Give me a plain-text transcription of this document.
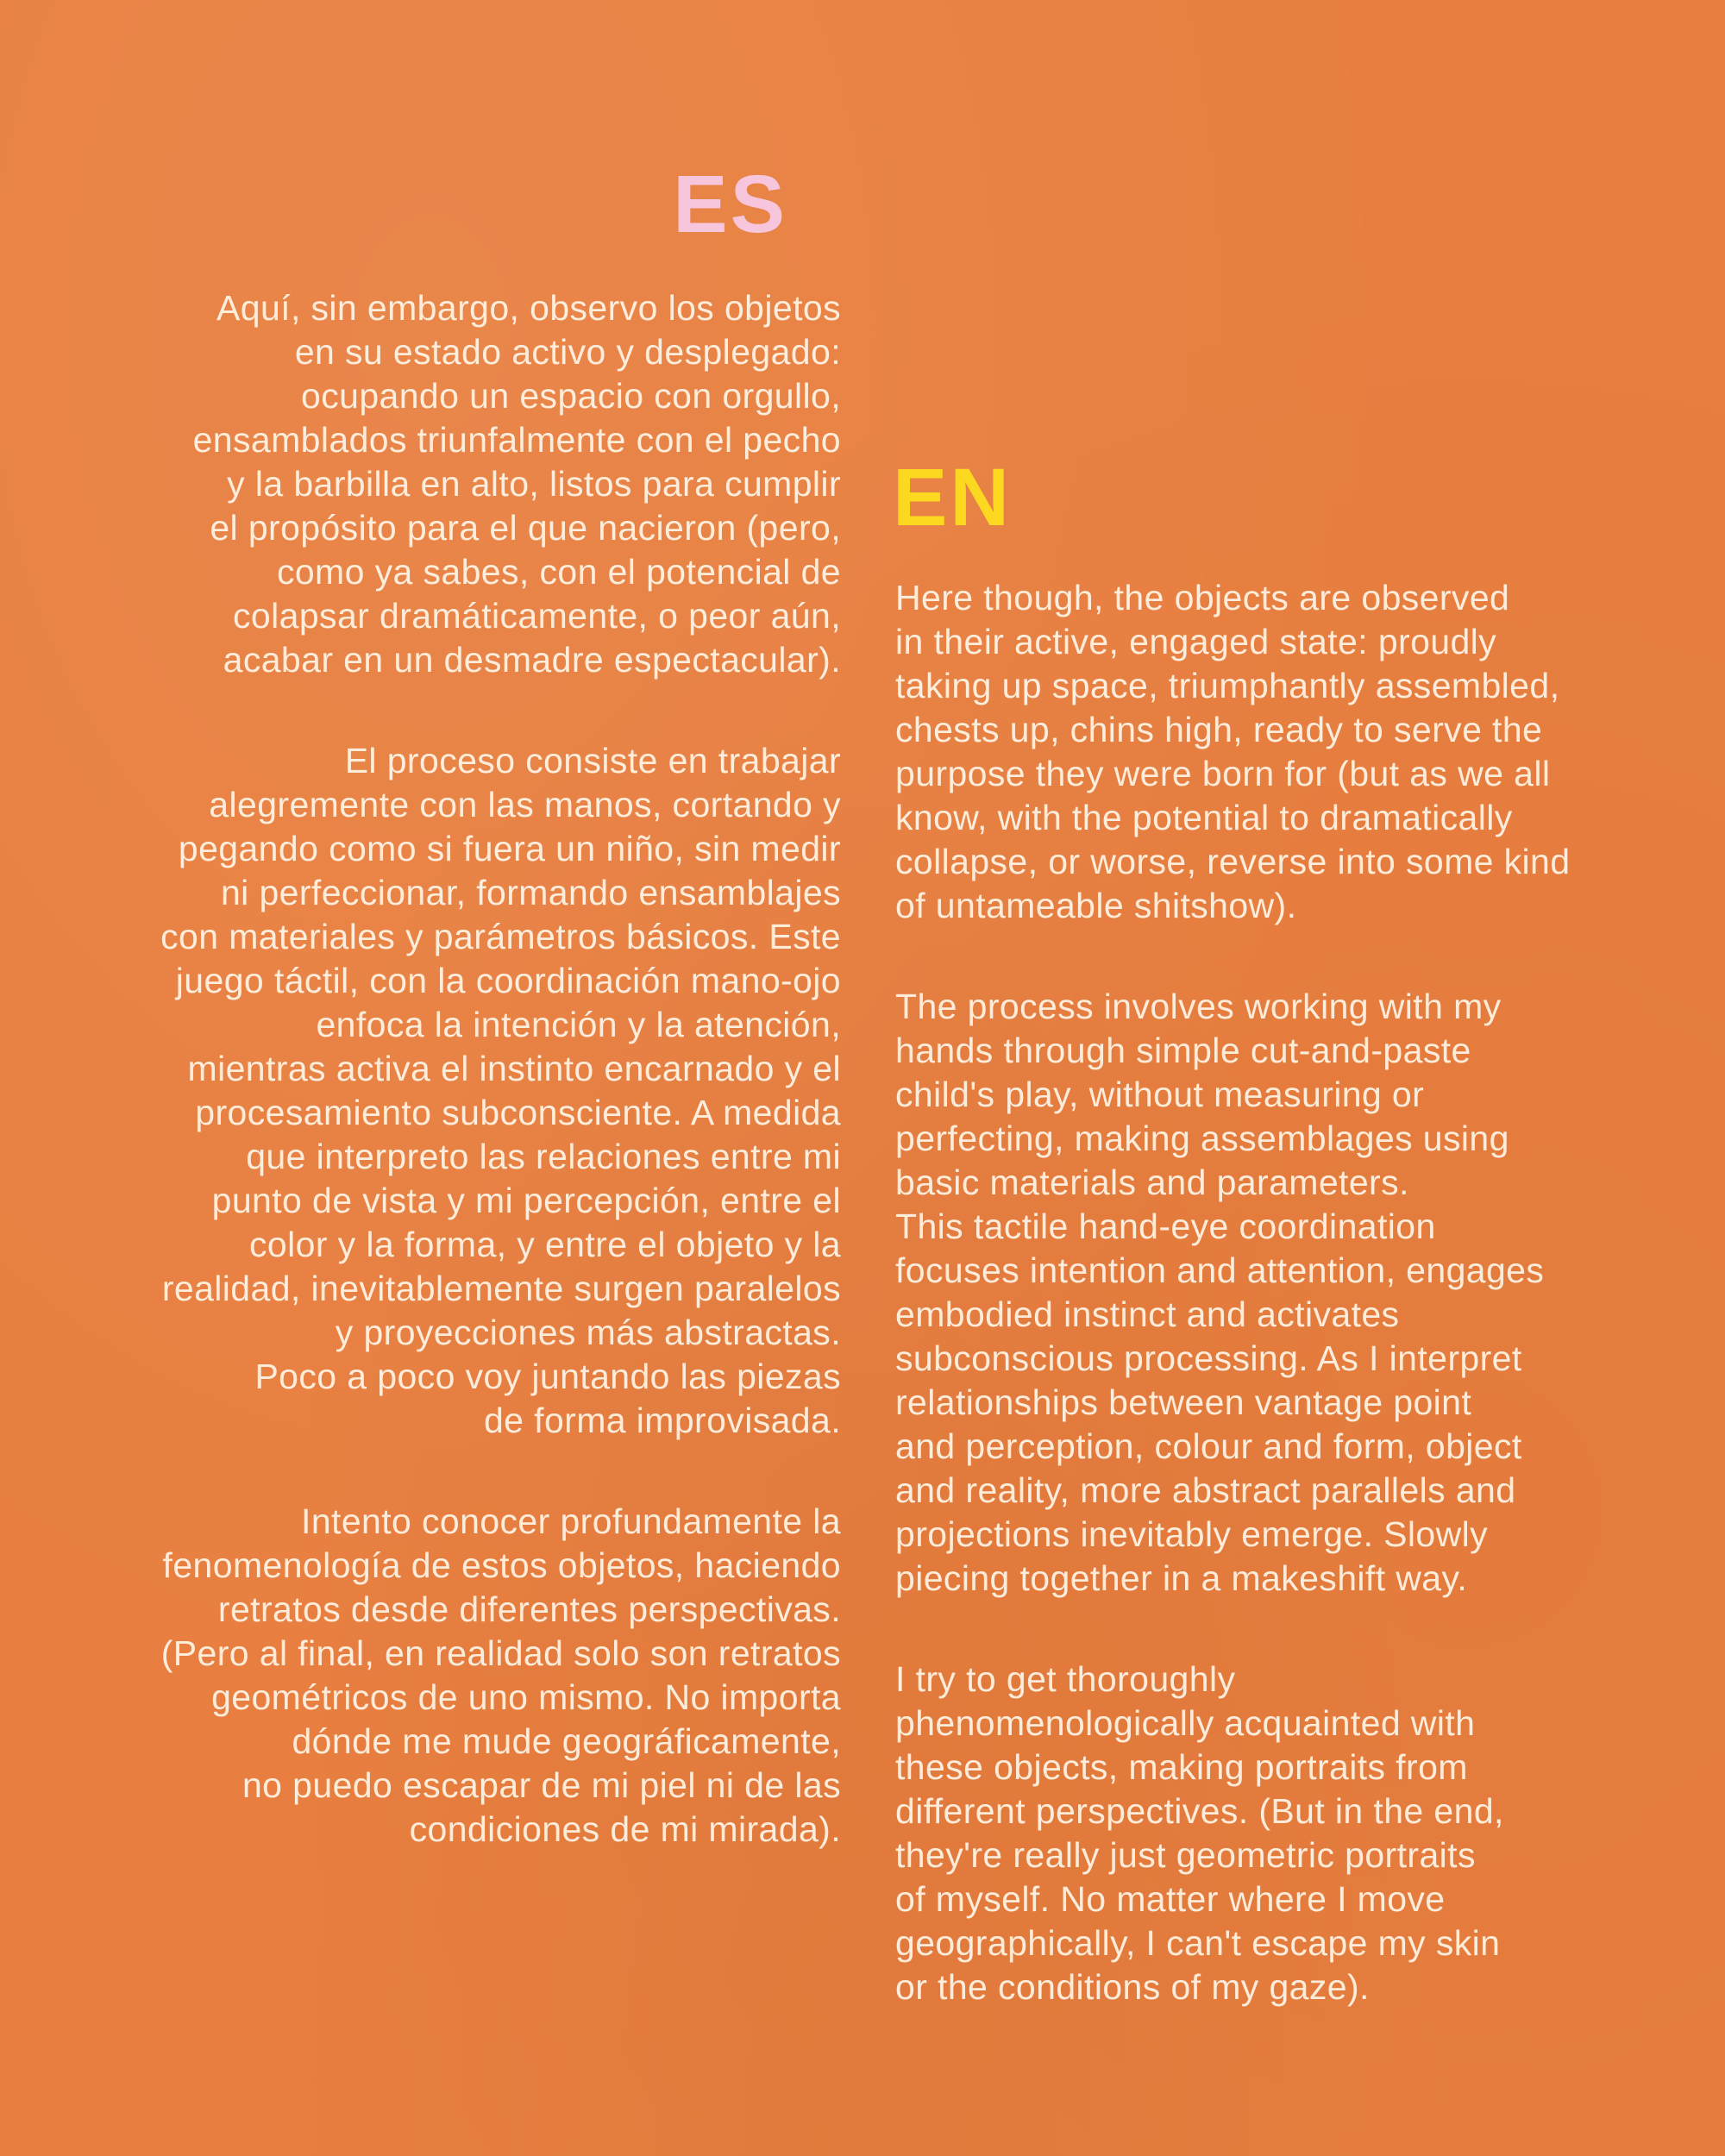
ES
EN

Aquí, sin embargo, observo los objetos
en su estado activo y desplegado:
ocupando un espacio con orgullo,
ensamblados triunfalmente con el pecho
y la barbilla en alto, listos para cumplir
el propósito para el que nacieron (pero,
como ya sabes, con el potencial de
colapsar dramáticamente, o peor aún,
acabar en un desmadre espectacular).

El proceso consiste en trabajar
alegremente con las manos, cortando y
pegando como si fuera un niño, sin medir
ni perfeccionar, formando ensamblajes
con materiales y parámetros básicos. Este
juego táctil, con la coordinación mano-ojo
enfoca la intención y la atención,
mientras activa el instinto encarnado y el
procesamiento subconsciente. A medida
que interpreto las relaciones entre mi
punto de vista y mi percepción, entre el
color y la forma, y entre el objeto y la
realidad, inevitablemente surgen paralelos
y proyecciones más abstractas.
Poco a poco voy juntando las piezas
de forma improvisada.

Intento conocer profundamente la
fenomenología de estos objetos, haciendo
retratos desde diferentes perspectivas.
(Pero al final, en realidad solo son retratos
geométricos de uno mismo. No importa
dónde me mude geográficamente,
no puedo escapar de mi piel ni de las
condiciones de mi mirada).

Here though, the objects are observed
in their active, engaged state: proudly
taking up space, triumphantly assembled,
chests up, chins high, ready to serve the
purpose they were born for (but as we all
know, with the potential to dramatically
collapse, or worse, reverse into some kind
of untameable shitshow).

The process involves working with my
hands through simple cut-and-paste
child's play, without measuring or
perfecting, making assemblages using
basic materials and parameters.
This tactile hand-eye coordination
focuses intention and attention, engages
embodied instinct and activates
subconscious processing. As I interpret
relationships between vantage point
and perception, colour and form, object
and reality, more abstract parallels and
projections inevitably emerge. Slowly
piecing together in a makeshift way.

I try to get thoroughly
phenomenologically acquainted with
these objects, making portraits from
different perspectives. (But in the end,
they're really just geometric portraits
of myself. No matter where I move
geographically, I can't escape my skin
or the conditions of my gaze).
